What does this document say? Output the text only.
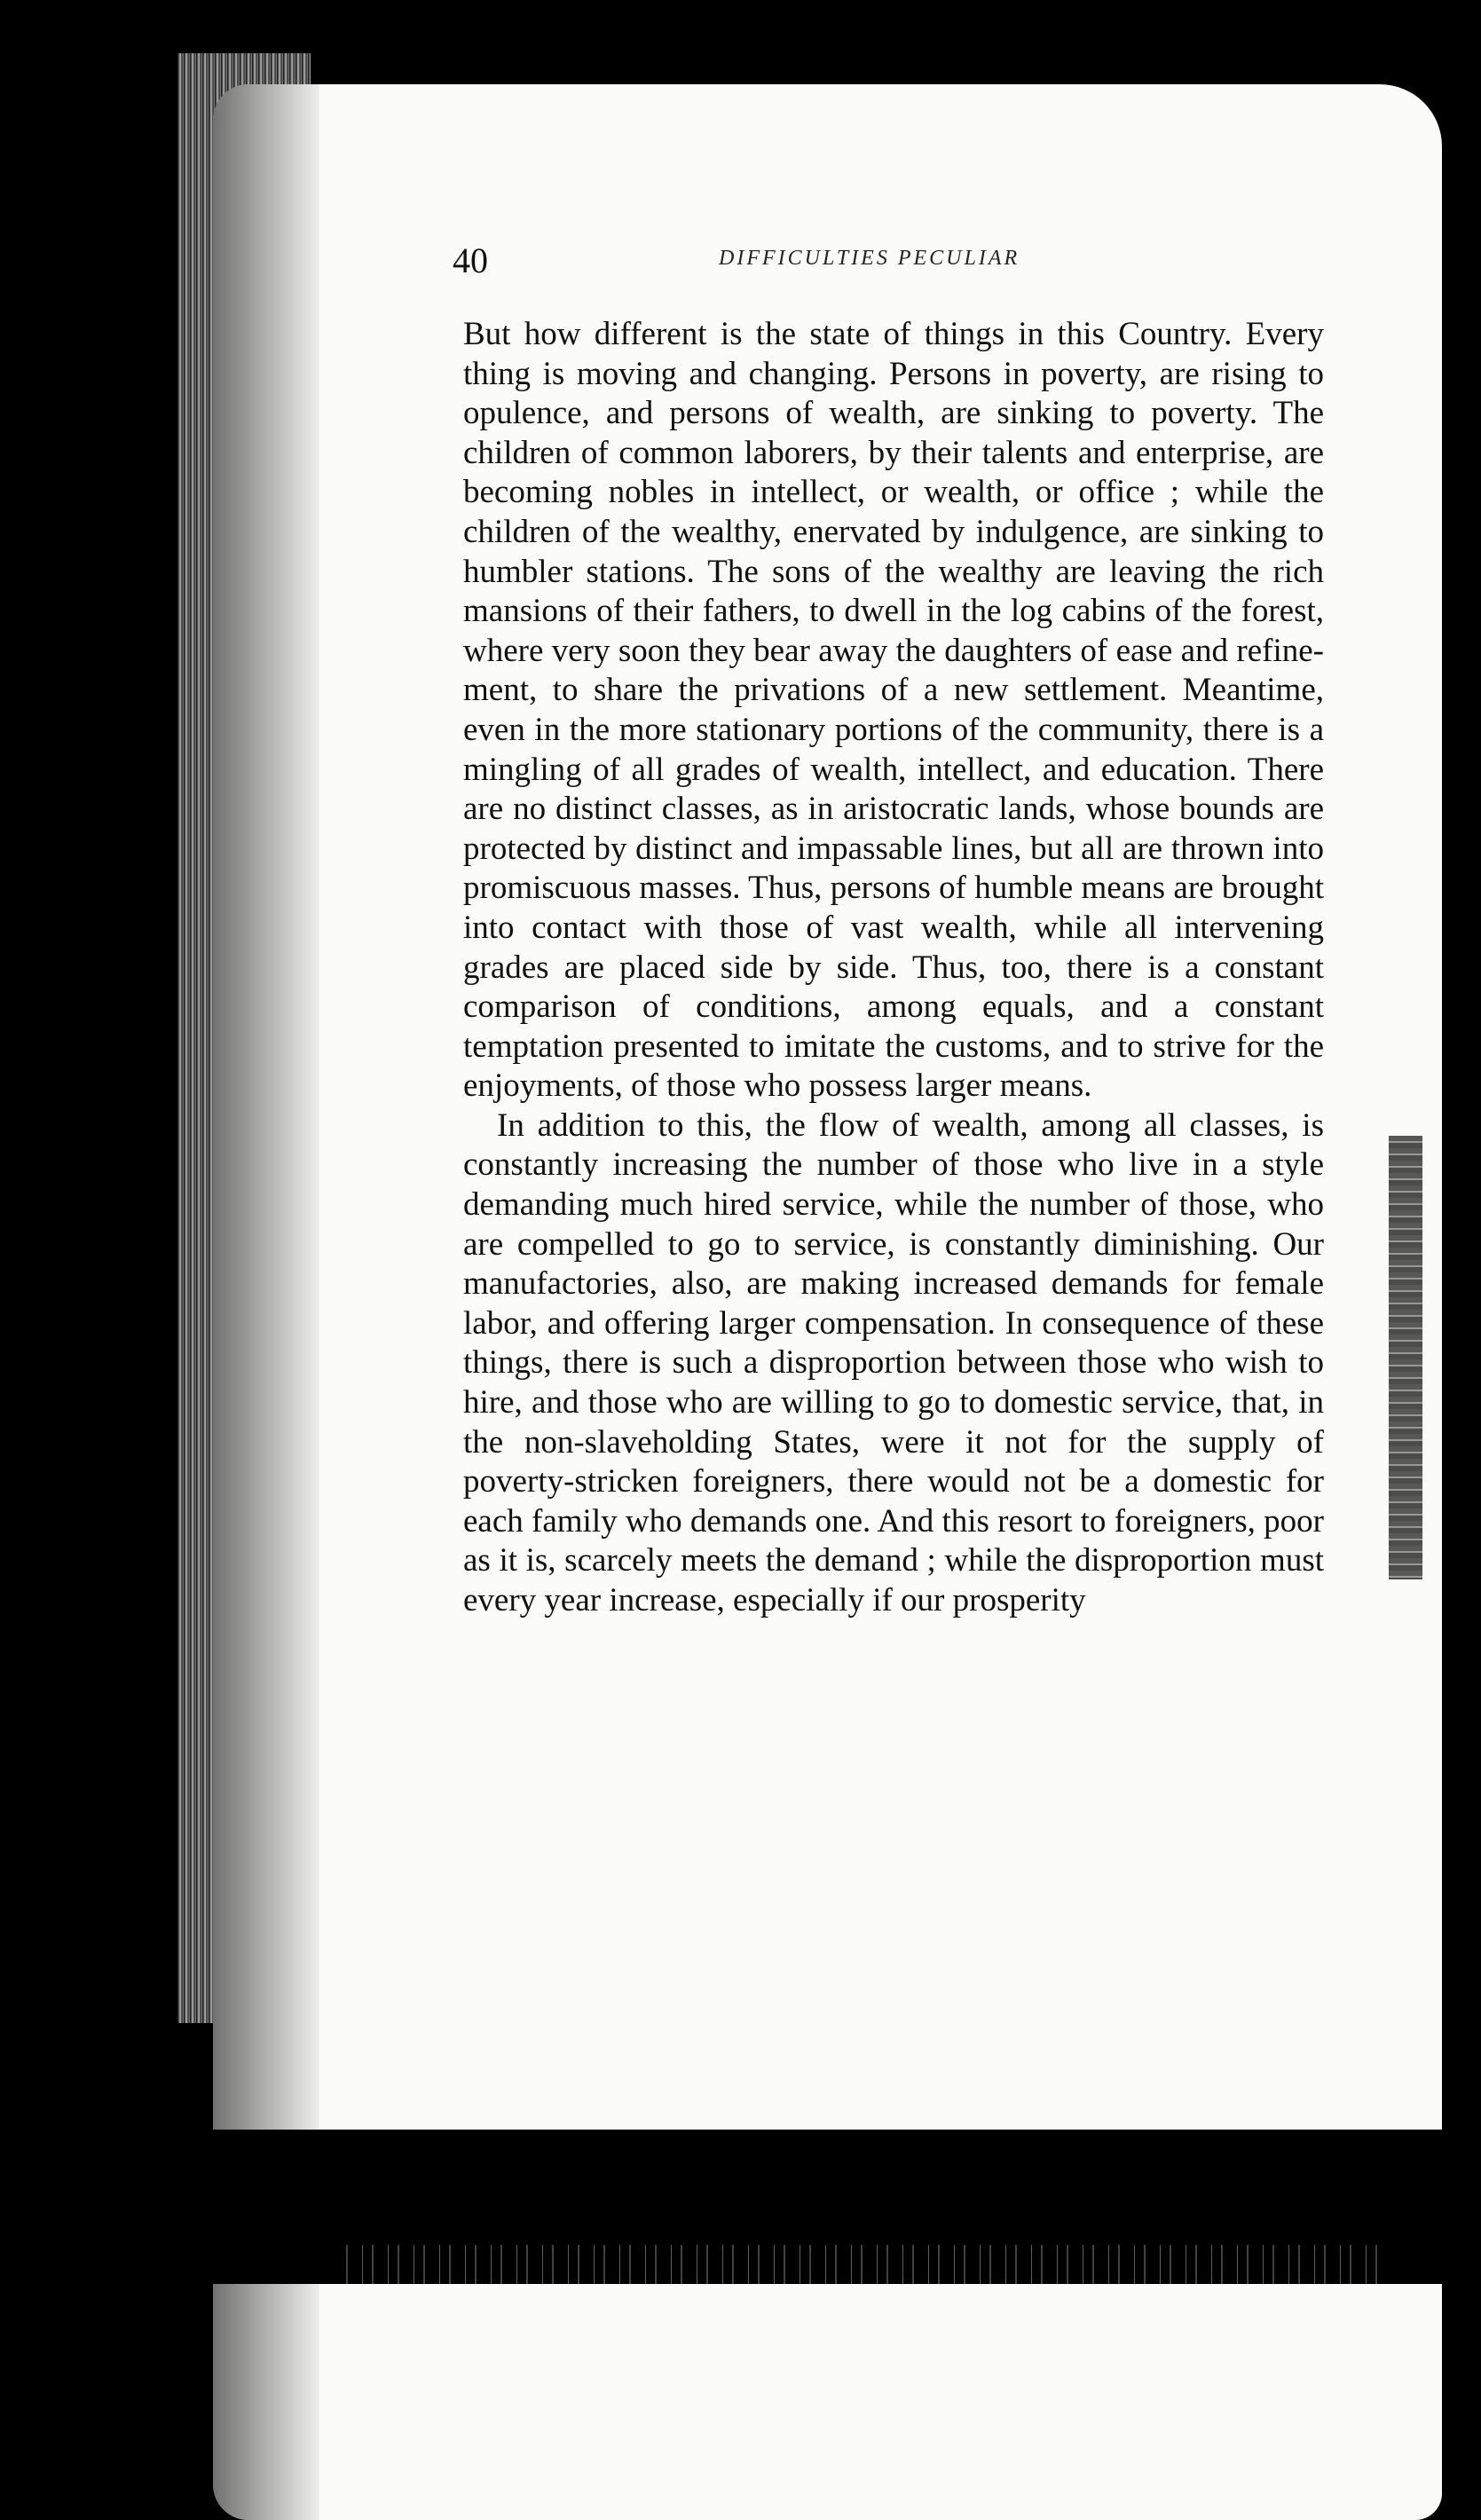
40	DIFFICULTIES PECULIAR

But how different is the state of things in this Country. Every thing is moving and changing. Persons in poverty, are rising to opulence, and persons of wealth, are sinking to poverty. The children of common laborers, by their talents and enterprise, are becoming nobles in intellect, or wealth, or office ; while the children of the wealthy, enervated by indulgence, are sinking to humbler stations. The sons of the wealthy are leaving the rich mansions of their fathers, to dwell in the log cabins of the forest, where very soon they bear away the daughters of ease and refinement, to share the privations of a new settlement. Meantime, even in the more stationary portions of the community, there is a mingling of all grades of wealth, intellect, and education. There are no distinct classes, as in aristocratic lands, whose bounds are protected by distinct and impassable lines, but all are thrown into promiscuous masses. Thus, persons of humble means are brought into contact with those of vast wealth, while all intervening grades are placed side by side. Thus, too, there is a constant comparison of conditions, among equals, and a constant temptation presented to imitate the customs, and to strive for the enjoyments, of those who possess larger means.

In addition to this, the flow of wealth, among all classes, is constantly increasing the number of those who live in a style demanding much hired service, while the number of those, who are compelled to go to service, is constantly diminishing. Our manufactories, also, are making increased demands for female labor, and offering larger compensation. In consequence of these things, there is such a disproportion between those who wish to hire, and those who are willing to go to domestic service, that, in the non-slaveholding States, were it not for the supply of poverty-stricken foreigners, there would not be a domestic for each family who demands one. And this resort to foreigners, poor as it is, scarcely meets the demand ; while the disproportion must every year increase, especially if our prosperity
